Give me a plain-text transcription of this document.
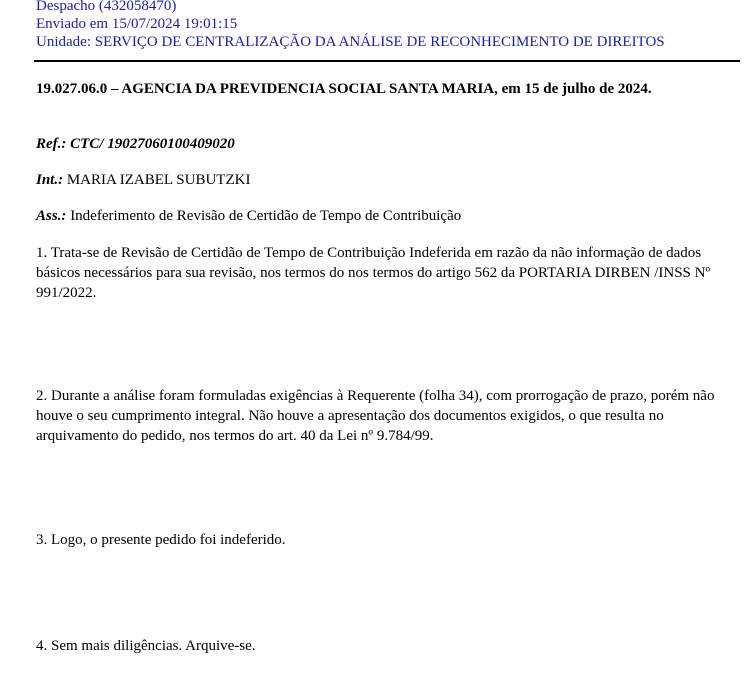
Despacho (432058470)
Enviado em 15/07/2024 19:01:15
Unidade: SERVIÇO DE CENTRALIZAÇÃO DA ANÁLISE DE RECONHECIMENTO DE DIREITOS
19.027.06.0 – AGENCIA DA PREVIDENCIA SOCIAL SANTA MARIA, em 15 de julho de 2024.
Ref.: CTC/ 19027060100409020
Int.: MARIA IZABEL SUBUTZKI
Ass.: Indeferimento de Revisão de Certidão de Tempo de Contribuição
1. Trata-se de Revisão de Certidão de Tempo de Contribuição Indeferida em razão da não informação de dados básicos necessários para sua revisão, nos termos do nos termos do artigo 562 da PORTARIA DIRBEN /INSS Nº 991/2022.
2. Durante a análise foram formuladas exigências à Requerente (folha 34), com prorrogação de prazo, porém não houve o seu cumprimento integral. Não houve a apresentação dos documentos exigidos, o que resulta no arquivamento do pedido, nos termos do art. 40 da Lei nº 9.784/99.
3. Logo, o presente pedido foi indeferido.
4. Sem mais diligências. Arquive-se.
